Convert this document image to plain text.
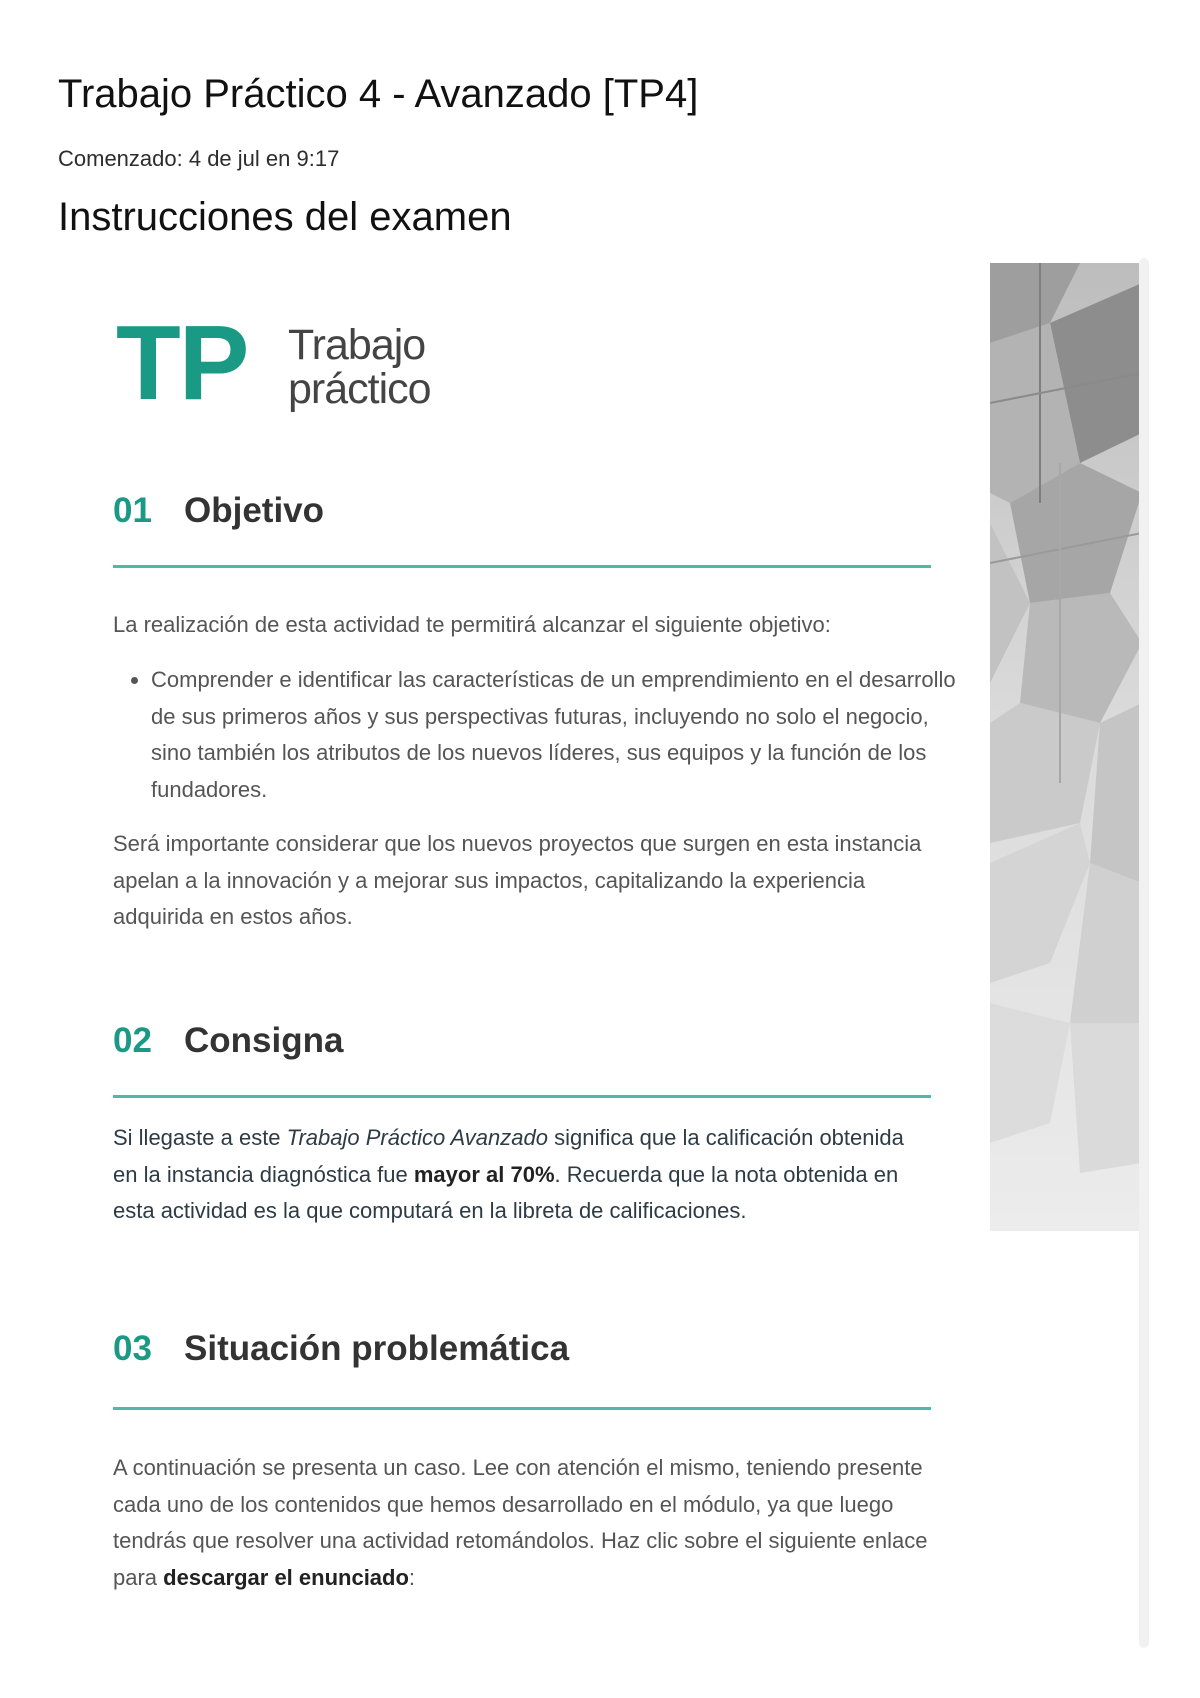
Trabajo Práctico 4 - Avanzado [TP4]
Comenzado: 4 de jul en 9:17
Instrucciones del examen
TP Trabajo
práctico
01 Objetivo

La realización de esta actividad te permitirá alcanzar el siguiente objetivo:

• Comprender e identificar las características de un emprendimiento en el desarrollo de sus primeros años y sus perspectivas futuras, incluyendo no solo el negocio, sino también los atributos de los nuevos líderes, sus equipos y la función de los fundadores.

Será importante considerar que los nuevos proyectos que surgen en esta instancia apelan a la innovación y a mejorar sus impactos, capitalizando la experiencia adquirida en estos años.

02 Consigna

Si llegaste a este Trabajo Práctico Avanzado significa que la calificación obtenida en la instancia diagnóstica fue mayor al 70%. Recuerda que la nota obtenida en esta actividad es la que computará en la libreta de calificaciones.

03 Situación problemática

A continuación se presenta un caso. Lee con atención el mismo, teniendo presente cada uno de los contenidos que hemos desarrollado en el módulo, ya que luego tendrás que resolver una actividad retomándolos. Haz clic sobre el siguiente enlace para descargar el enunciado:
